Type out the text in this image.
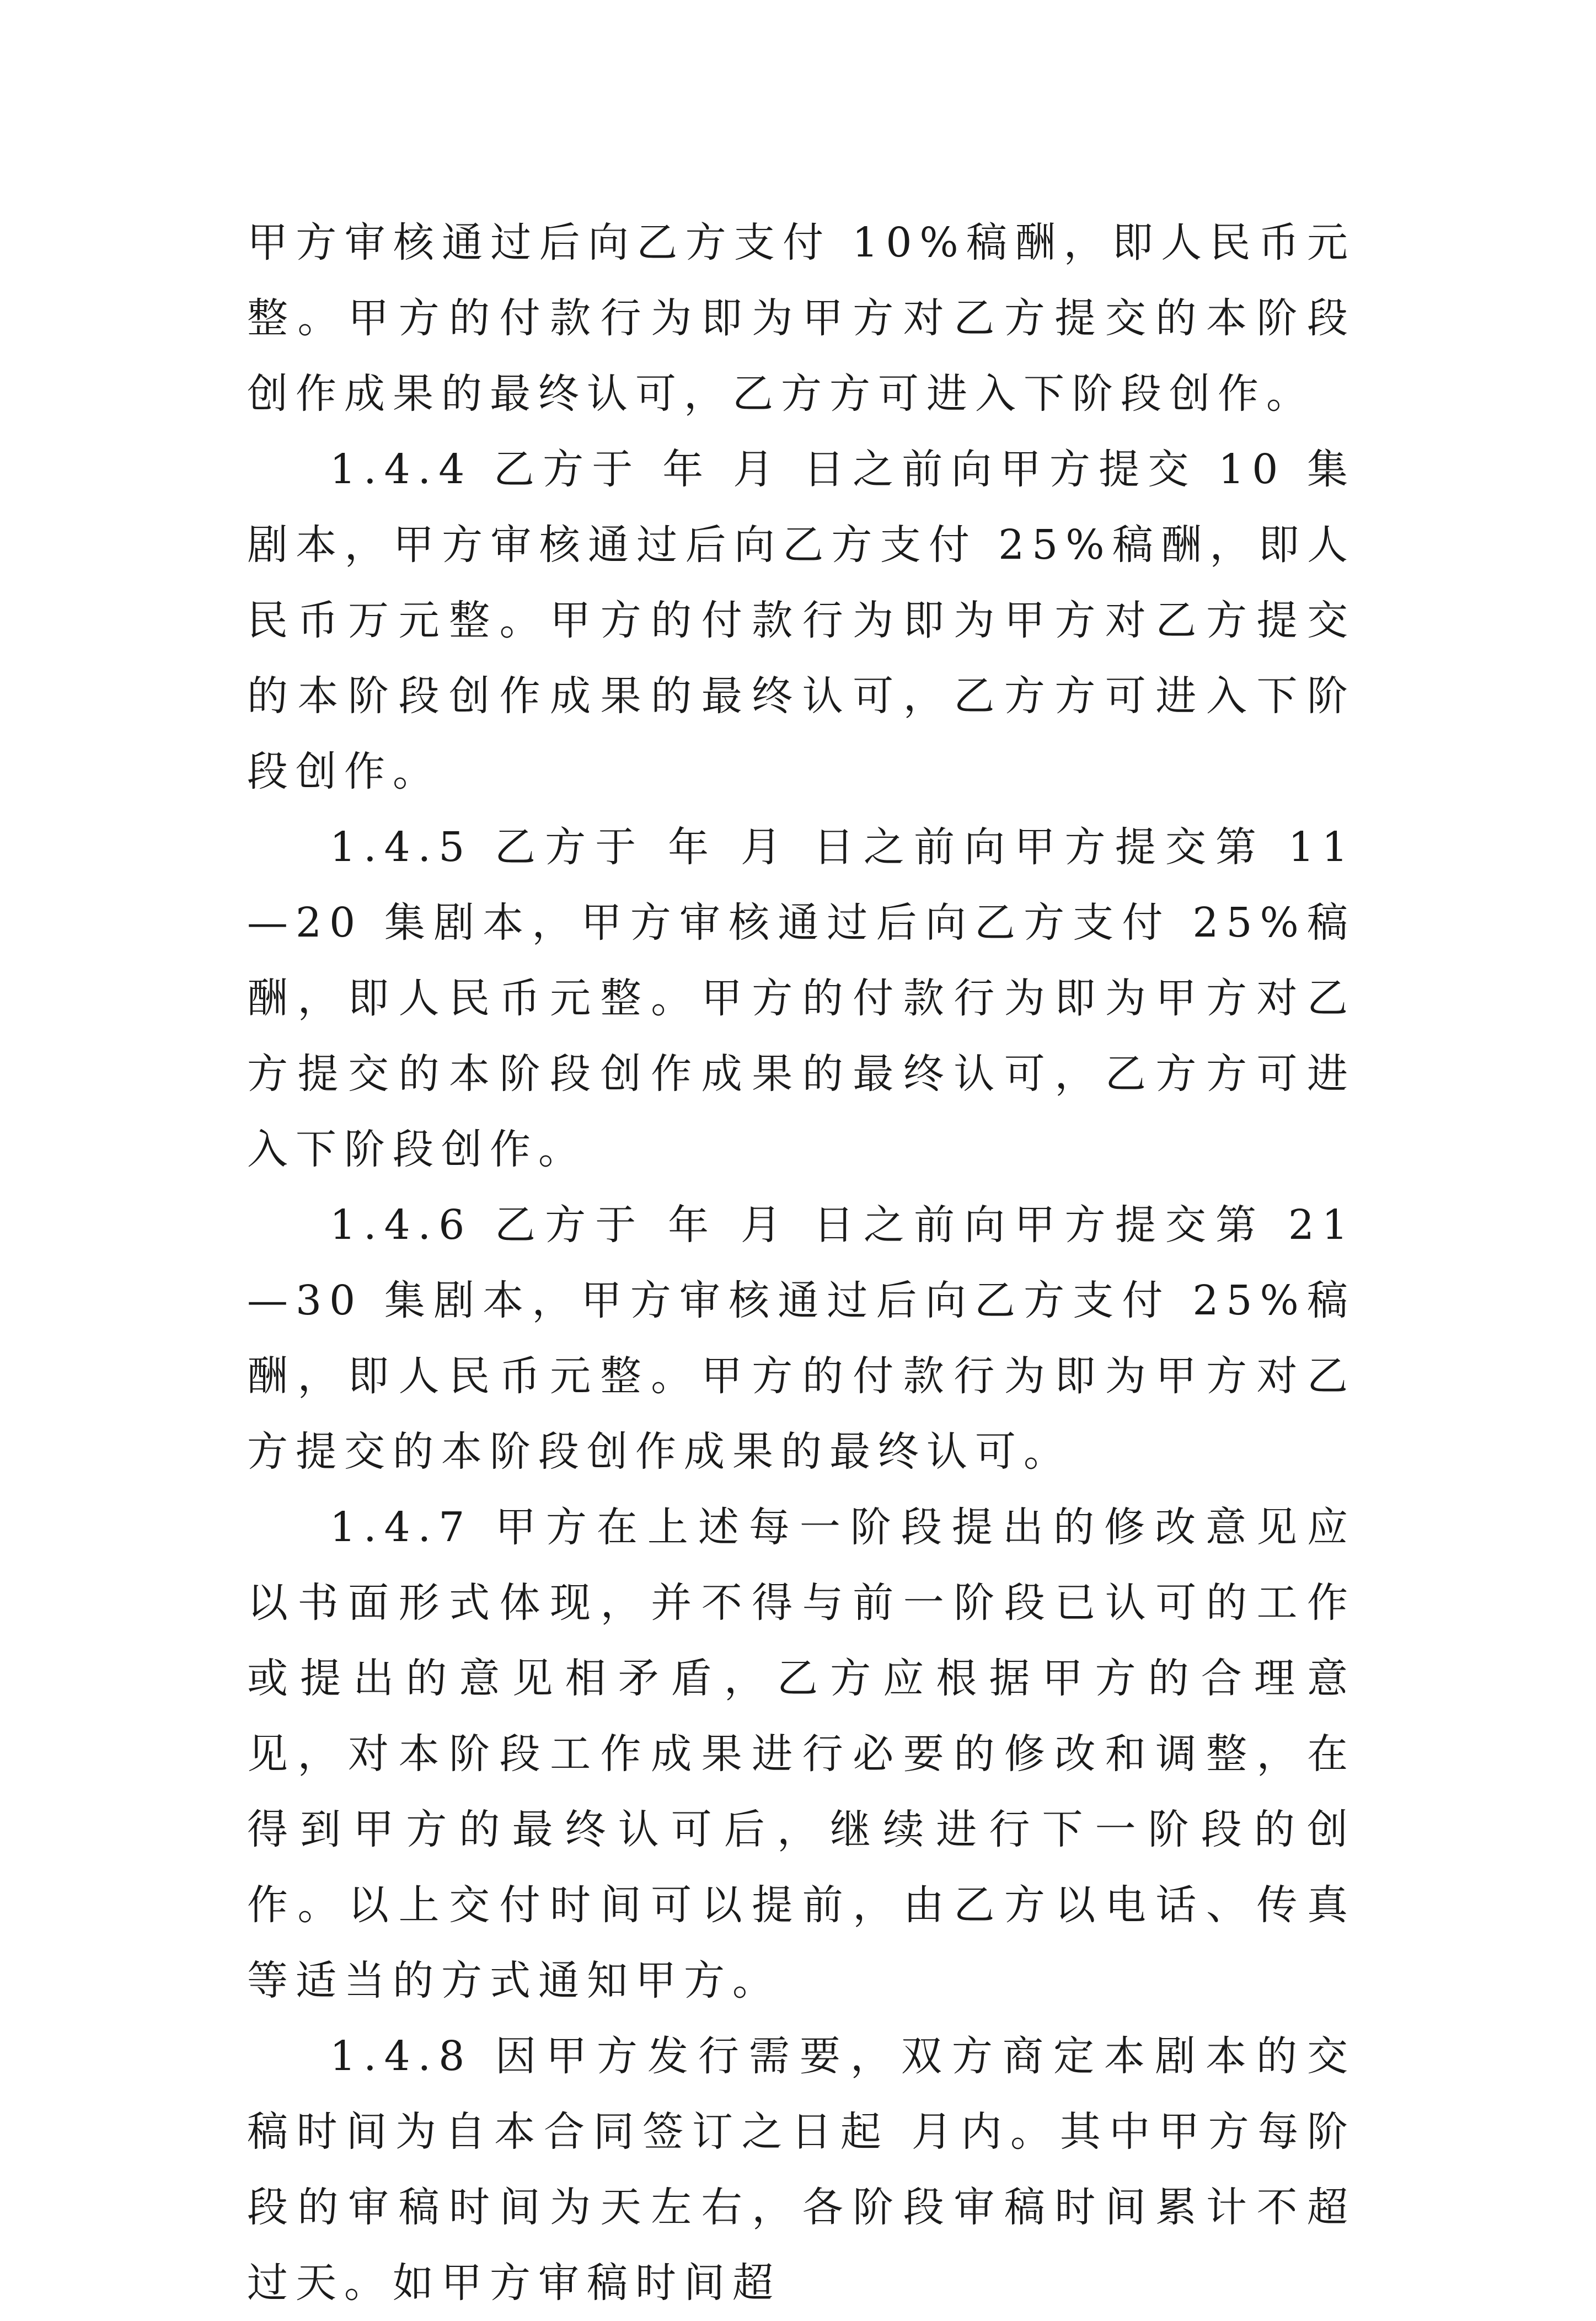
甲方审核通过后向乙方支付 10%稿酬，即人民币元整。甲方的付款行为即为甲方对乙方提交的本阶段创作成果的最终认可，乙方方可进入下阶段创作。

1.4.4 乙方于 年 月 日之前向甲方提交 10 集剧本，甲方审核通过后向乙方支付 25%稿酬，即人民币万元整。甲方的付款行为即为甲方对乙方提交的本阶段创作成果的最终认可，乙方方可进入下阶段创作。

1.4.5 乙方于 年 月 日之前向甲方提交第 11—20 集剧本，甲方审核通过后向乙方支付 25%稿酬，即人民币元整。甲方的付款行为即为甲方对乙方提交的本阶段创作成果的最终认可，乙方方可进入下阶段创作。

1.4.6 乙方于 年 月 日之前向甲方提交第 21—30 集剧本，甲方审核通过后向乙方支付 25%稿酬，即人民币元整。甲方的付款行为即为甲方对乙方提交的本阶段创作成果的最终认可。

1.4.7 甲方在上述每一阶段提出的修改意见应以书面形式体现，并不得与前一阶段已认可的工作或提出的意见相矛盾，乙方应根据甲方的合理意见，对本阶段工作成果进行必要的修改和调整，在得到甲方的最终认可后，继续进行下一阶段的创作。以上交付时间可以提前，由乙方以电话、传真等适当的方式通知甲方。

1.4.8 因甲方发行需要，双方商定本剧本的交稿时间为自本合同签订之日起 月内。其中甲方每阶段的审稿时间为天左右，各阶段审稿时间累计不超过天。如甲方审稿时间超
